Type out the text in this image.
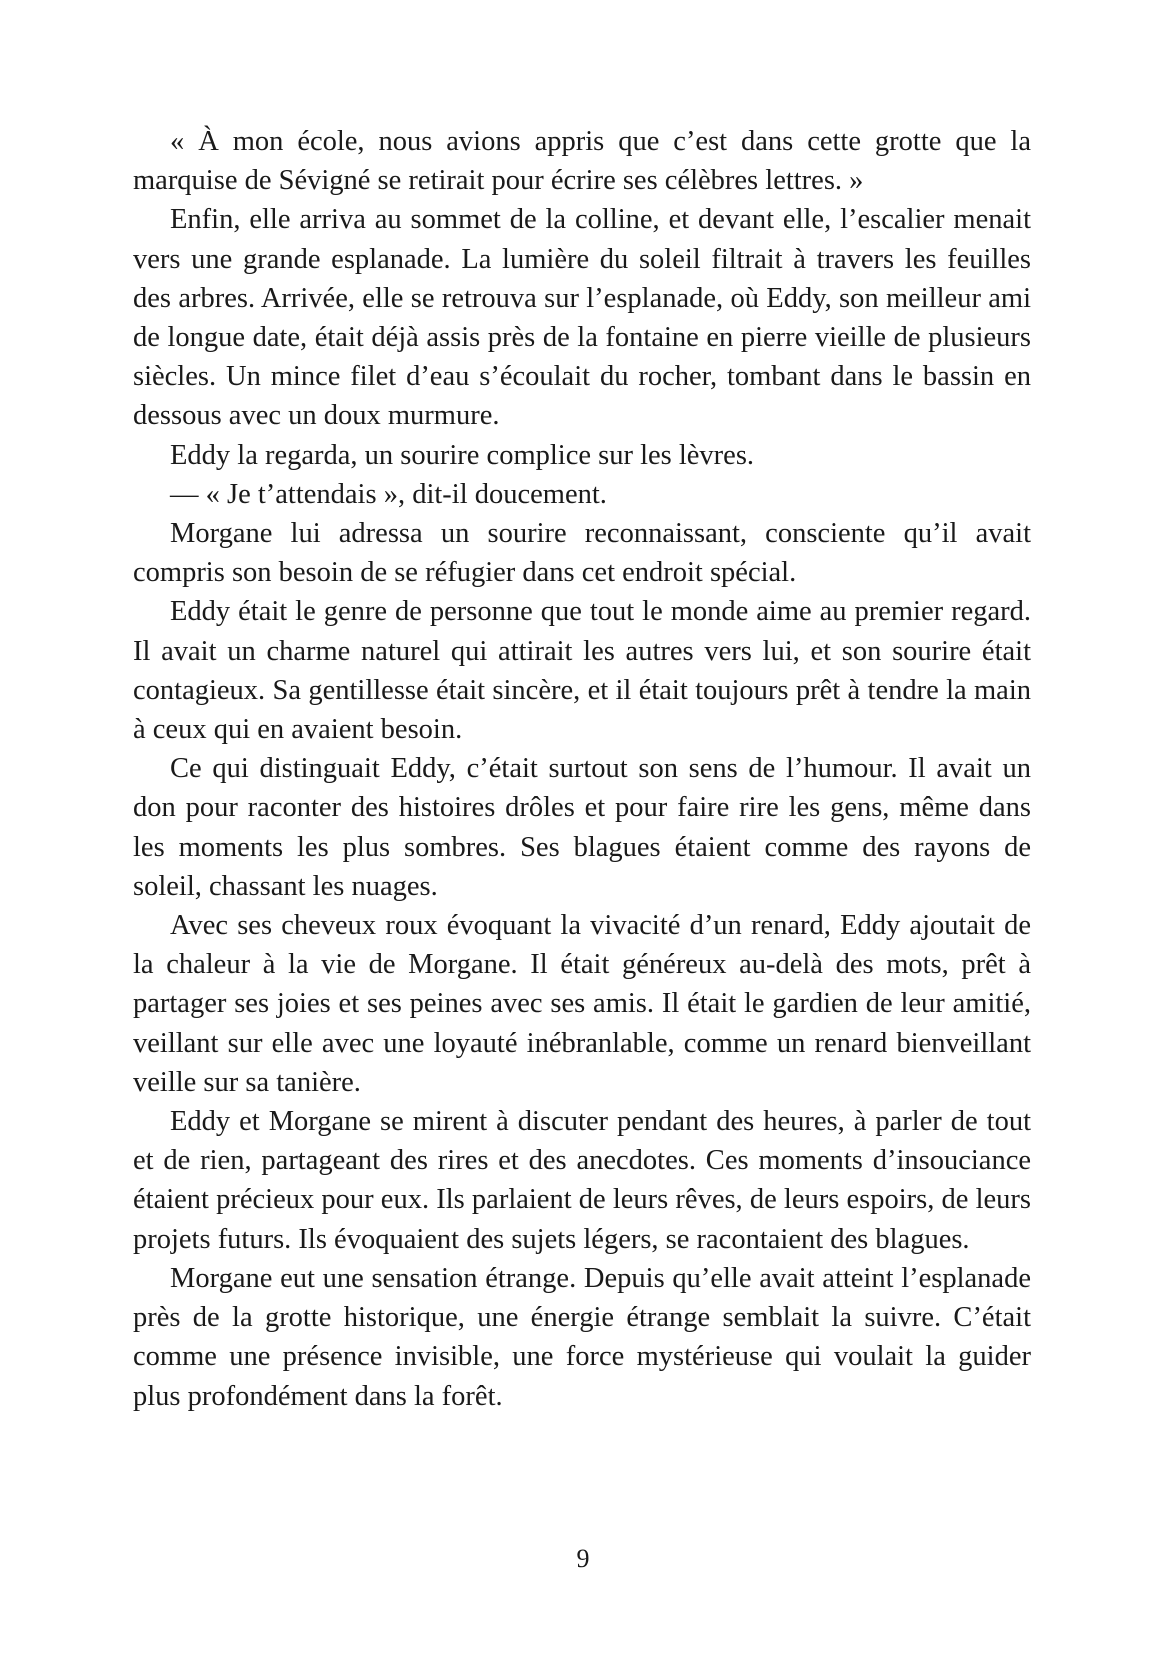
« À mon école, nous avions appris que c’est dans cette grotte que la marquise de Sévigné se retirait pour écrire ses célèbres lettres. »

Enfin, elle arriva au sommet de la colline, et devant elle, l’escalier menait vers une grande esplanade. La lumière du soleil filtrait à travers les feuilles des arbres. Arrivée, elle se retrouva sur l’esplanade, où Eddy, son meilleur ami de longue date, était déjà assis près de la fontaine en pierre vieille de plusieurs siècles. Un mince filet d’eau s’écoulait du rocher, tombant dans le bassin en dessous avec un doux murmure.

Eddy la regarda, un sourire complice sur les lèvres.

— « Je t’attendais », dit-il doucement.

Morgane lui adressa un sourire reconnaissant, consciente qu’il avait compris son besoin de se réfugier dans cet endroit spécial.

Eddy était le genre de personne que tout le monde aime au premier regard. Il avait un charme naturel qui attirait les autres vers lui, et son sourire était contagieux. Sa gentillesse était sincère, et il était toujours prêt à tendre la main à ceux qui en avaient besoin.

Ce qui distinguait Eddy, c’était surtout son sens de l’humour. Il avait un don pour raconter des histoires drôles et pour faire rire les gens, même dans les moments les plus sombres. Ses blagues étaient comme des rayons de soleil, chassant les nuages.

Avec ses cheveux roux évoquant la vivacité d’un renard, Eddy ajoutait de la chaleur à la vie de Morgane. Il était généreux au-delà des mots, prêt à partager ses joies et ses peines avec ses amis. Il était le gardien de leur amitié, veillant sur elle avec une loyauté inébranlable, comme un renard bienveillant veille sur sa tanière.

Eddy et Morgane se mirent à discuter pendant des heures, à parler de tout et de rien, partageant des rires et des anecdotes. Ces moments d’insouciance étaient précieux pour eux. Ils parlaient de leurs rêves, de leurs espoirs, de leurs projets futurs. Ils évoquaient des sujets légers, se racontaient des blagues.

Morgane eut une sensation étrange. Depuis qu’elle avait atteint l’esplanade près de la grotte historique, une énergie étrange semblait la suivre. C’était comme une présence invisible, une force mystérieuse qui voulait la guider plus profondément dans la forêt.

9
